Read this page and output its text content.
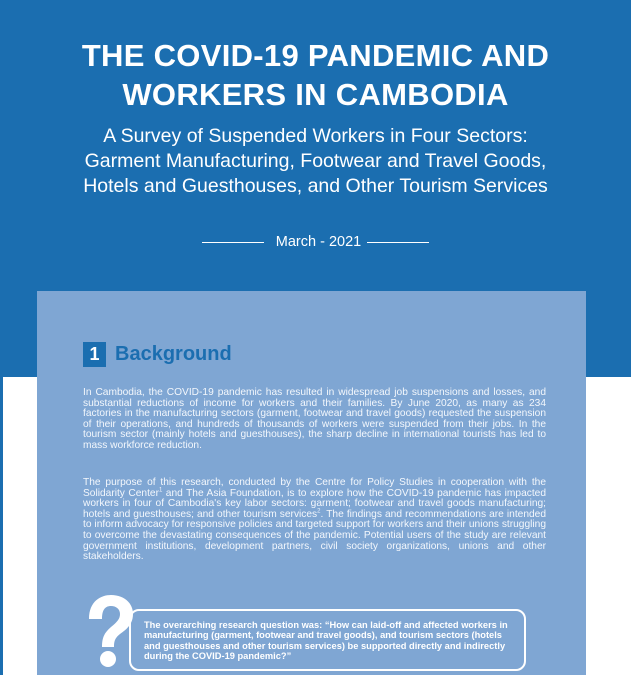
THE COVID-19 PANDEMIC AND
WORKERS IN CAMBODIA
A Survey of Suspended Workers in Four Sectors:
Garment Manufacturing, Footwear and Travel Goods,
Hotels and Guesthouses, and Other Tourism Services
March - 2021
1 Background

In Cambodia, the COVID-19 pandemic has resulted in widespread job suspensions and losses, and substantial reductions of income for workers and their families. By June 2020, as many as 234 factories in the manufacturing sectors (garment, footwear and travel goods) requested the suspension of their operations, and hundreds of thousands of workers were suspended from their jobs. In the tourism sector (mainly hotels and guesthouses), the sharp decline in international tourists has led to mass workforce reduction.

The purpose of this research, conducted by the Centre for Policy Studies in cooperation with the Solidarity Center$^1$ and The Asia Foundation, is to explore how the COVID-19 pandemic has impacted workers in four of Cambodia's key labor sectors: garment; footwear and travel goods manufacturing; hotels and guesthouses; and other tourism services$^2$. The findings and recommendations are intended to inform advocacy for responsive policies and targeted support for workers and their unions struggling to overcome the devastating consequences of the pandemic. Potential users of the study are relevant government institutions, development partners, civil society organizations, unions and other stakeholders.

The overarching research question was: “How can laid-off and affected workers in manufacturing (garment, footwear and travel goods), and tourism sectors (hotels and guesthouses and other tourism services) be supported directly and indirectly during the COVID-19 pandemic?”
